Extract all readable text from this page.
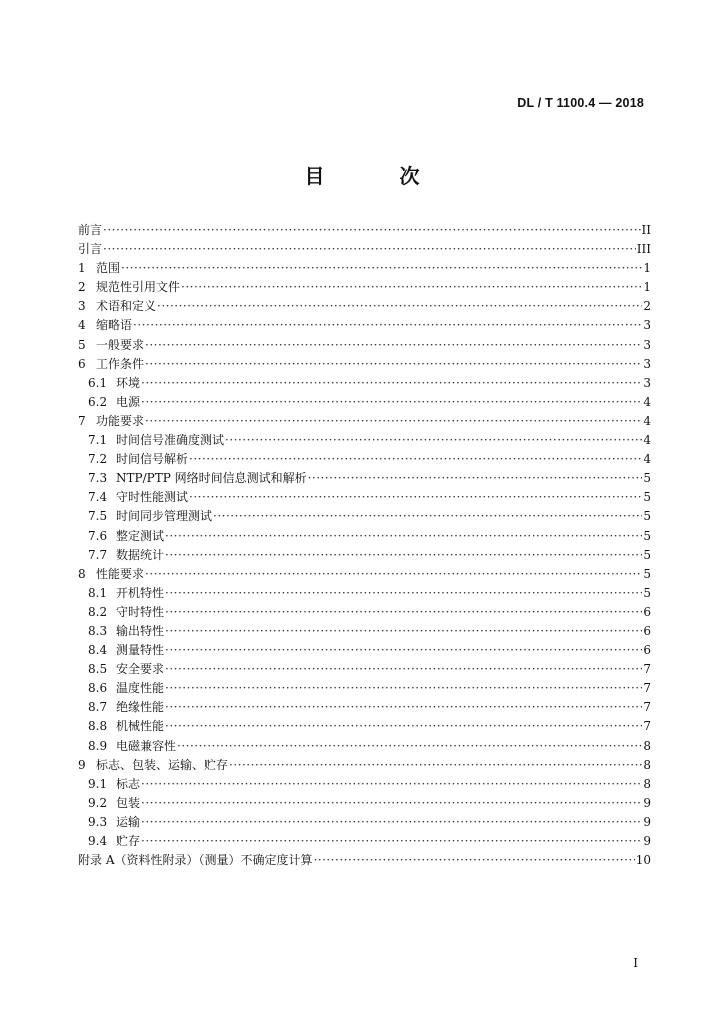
DL / T 1100.4 — 2018
目 次
前言 ·····	II
引言 ·····	III
1 范围 ·····	1
2 规范性引用文件 ·····	1
3 术语和定义 ·····	2
4 缩略语 ·····	3
5 一般要求 ·····	3
6 工作条件 ·····	3
6.1 环境 ·····	3
6.2 电源 ·····	4
7 功能要求 ·····	4
7.1 时间信号准确度测试 ·····	4
7.2 时间信号解析 ·····	4
7.3 NTP/PTP 网络时间信息测试和解析 ·····	5
7.4 守时性能测试 ·····	5
7.5 时间同步管理测试 ·····	5
7.6 整定测试 ·····	5
7.7 数据统计 ·····	5
8 性能要求 ·····	5
8.1 开机特性 ·····	5
8.2 守时特性 ·····	6
8.3 输出特性 ·····	6
8.4 测量特性 ·····	6
8.5 安全要求 ·····	7
8.6 温度性能 ·····	7
8.7 绝缘性能 ·····	7
8.8 机械性能 ·····	7
8.9 电磁兼容性 ·····	8
9 标志、包装、运输、贮存 ·····	8
9.1 标志 ·····	8
9.2 包装 ·····	9
9.3 运输 ·····	9
9.4 贮存 ·····	9
附录 A（资料性附录）（测量）不确定度计算 ·····	10
I
